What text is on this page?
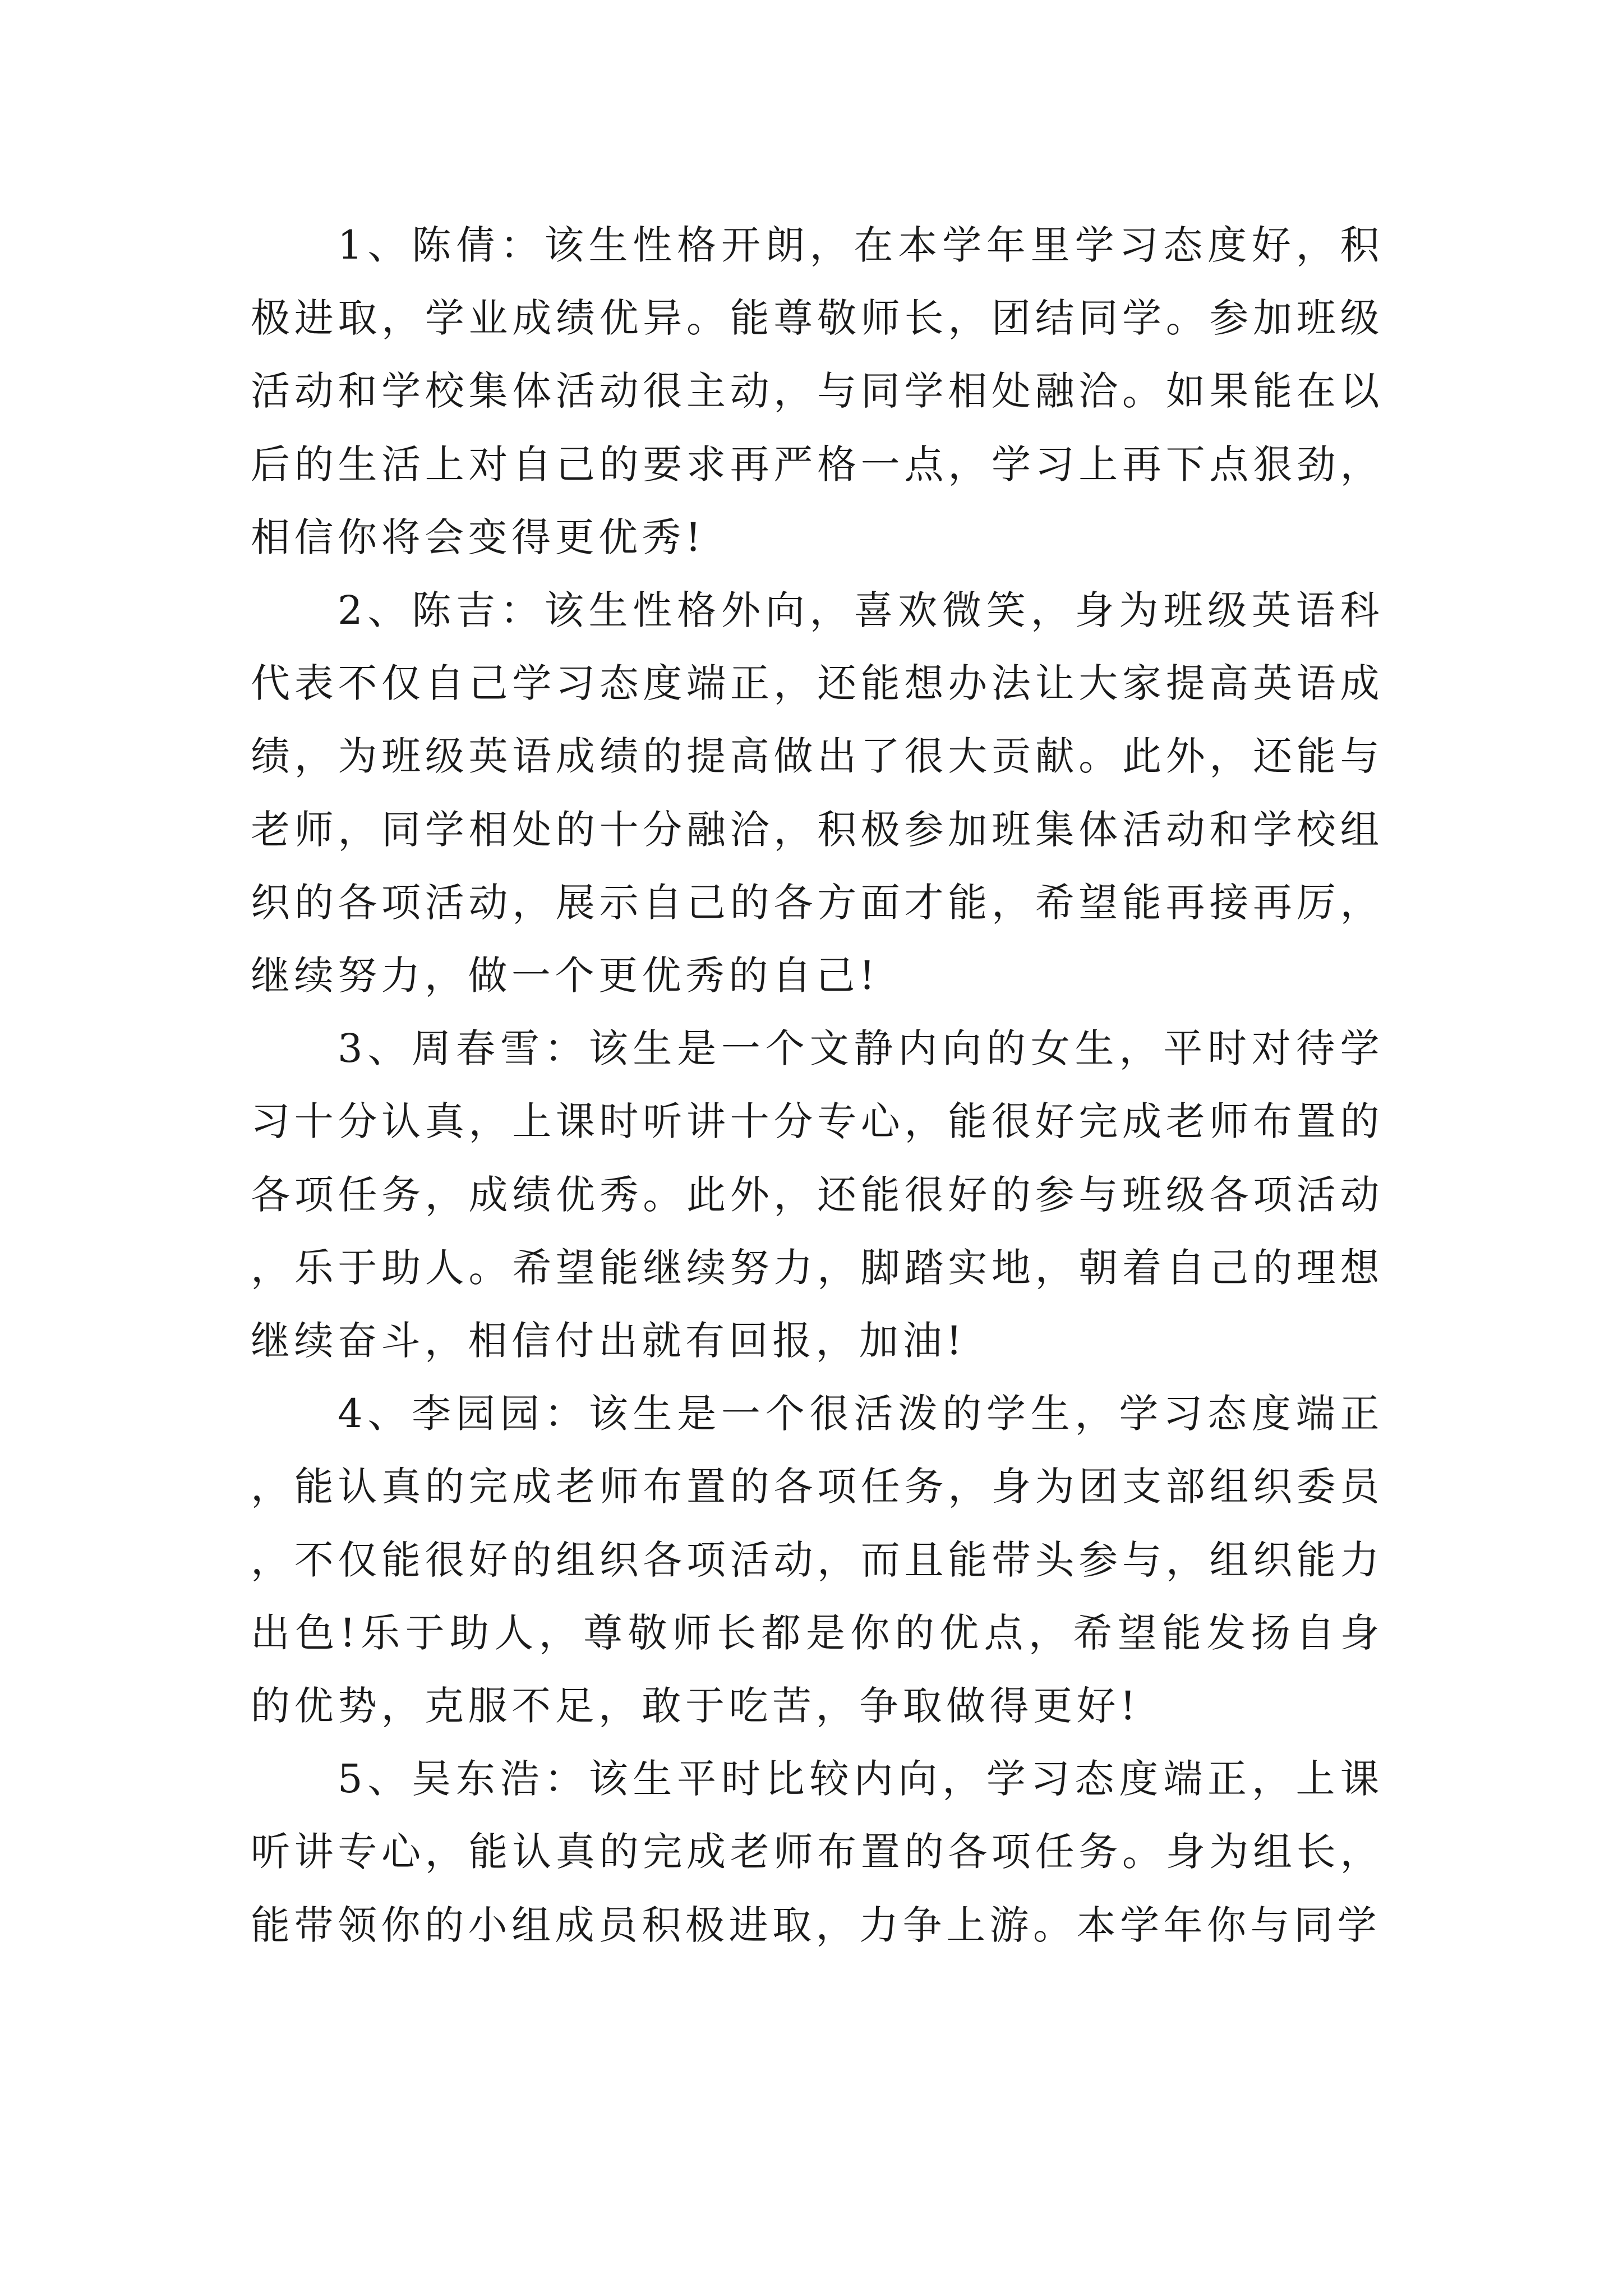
1、陈倩：该生性格开朗，在本学年里学习态度好，积极进取，学业成绩优异。能尊敬师长，团结同学。参加班级活动和学校集体活动很主动，与同学相处融洽。如果能在以后的生活上对自己的要求再严格一点，学习上再下点狠劲，相信你将会变得更优秀!

2、陈吉：该生性格外向，喜欢微笑，身为班级英语科代表不仅自己学习态度端正，还能想办法让大家提高英语成绩，为班级英语成绩的提高做出了很大贡献。此外，还能与老师，同学相处的十分融洽，积极参加班集体活动和学校组织的各项活动，展示自己的各方面才能，希望能再接再厉，继续努力，做一个更优秀的自己!

3、周春雪：该生是一个文静内向的女生，平时对待学习十分认真，上课时听讲十分专心，能很好完成老师布置的各项任务，成绩优秀。此外，还能很好的参与班级各项活动，乐于助人。希望能继续努力，脚踏实地，朝着自己的理想继续奋斗，相信付出就有回报，加油!

4、李园园：该生是一个很活泼的学生，学习态度端正，能认真的完成老师布置的各项任务，身为团支部组织委员，不仅能很好的组织各项活动，而且能带头参与，组织能力出色!乐于助人，尊敬师长都是你的优点，希望能发扬自身的优势，克服不足，敢于吃苦，争取做得更好!

5、吴东浩：该生平时比较内向，学习态度端正，上课听讲专心，能认真的完成老师布置的各项任务。身为组长，能带领你的小组成员积极进取，力争上游。本学年你与同学
